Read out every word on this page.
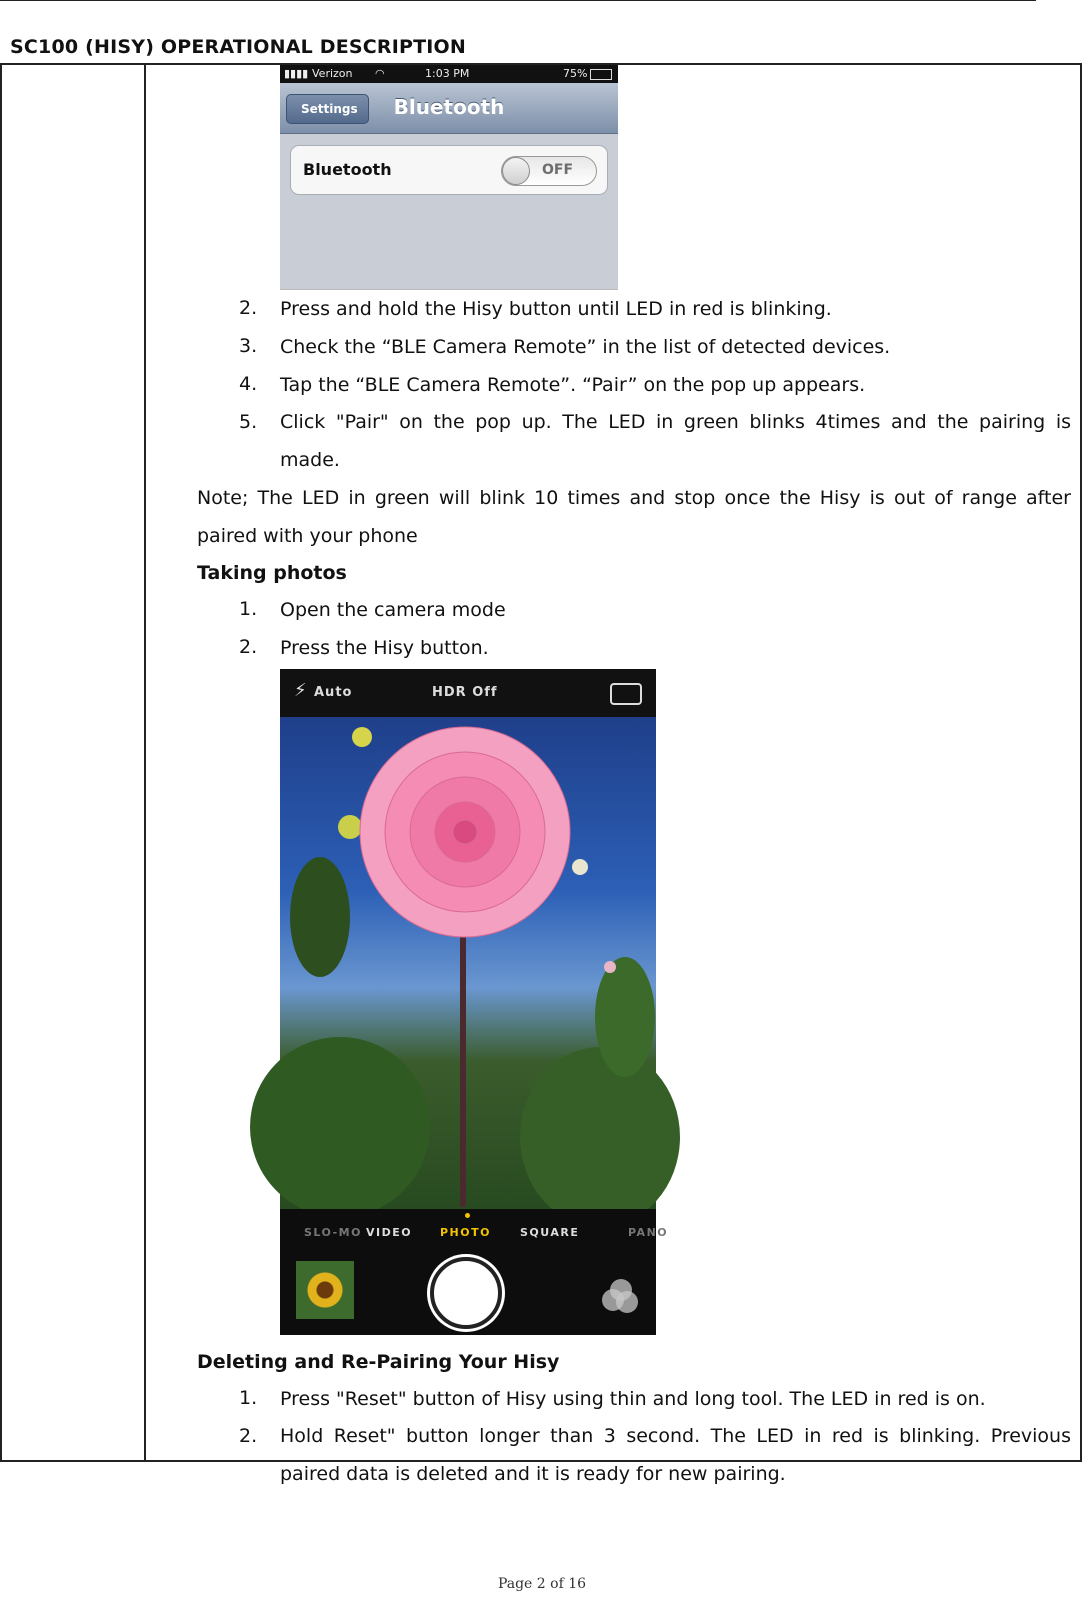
SC100 (HISY) OPERATIONAL DESCRIPTION
▮▮▮▮ Verizon ◠	1:03 PM	75%
Bluetooth
Settings
Bluetooth	OFF
2. Press and hold the Hisy button until LED in red is blinking.
3. Check the “BLE Camera Remote” in the list of detected devices.
4. Tap the “BLE Camera Remote”. “Pair” on the pop up appears.
5. Click "Pair" on the pop up. The LED in green blinks 4times and the pairing is
made.
Note; The LED in green will blink 10 times and stop once the Hisy is out of range after
paired with your phone
Taking photos
1. Open the camera mode
2. Press the Hisy button.
⚡ Auto	HDR Off
SLO-MO VIDEO	PHOTO	SQUARE	PANO
Deleting and Re-Pairing Your Hisy
1. Press "Reset" button of Hisy using thin and long tool. The LED in red is on.
2. Hold Reset" button longer than 3 second. The LED in red is blinking. Previous
paired data is deleted and it is ready for new pairing.
Page 2 of 16
